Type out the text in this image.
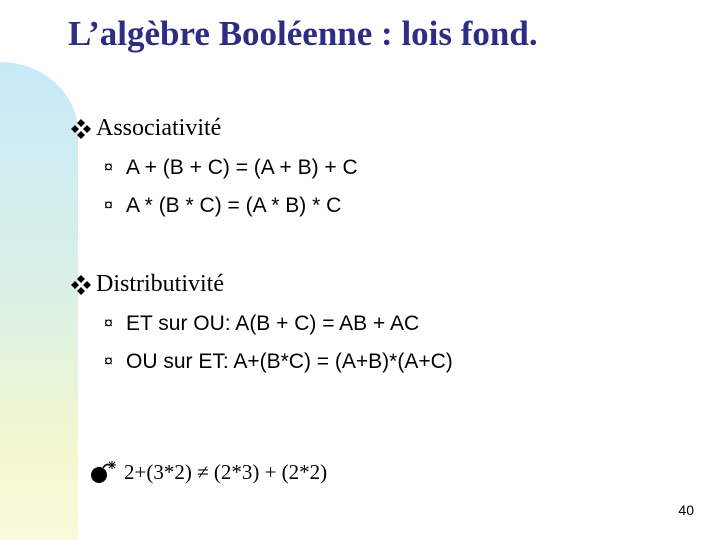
L’algèbre Booléenne : lois fond.
Associativité
¤ A + (B + C) = (A + B) + C
¤ A * (B * C) = (A * B) * C
Distributivité
¤ ET sur OU: A(B + C) = AB + AC
¤ OU sur ET: A+(B*C) = (A+B)*(A+C)
2+(3*2) ≠ (2*3) + (2*2)
40
